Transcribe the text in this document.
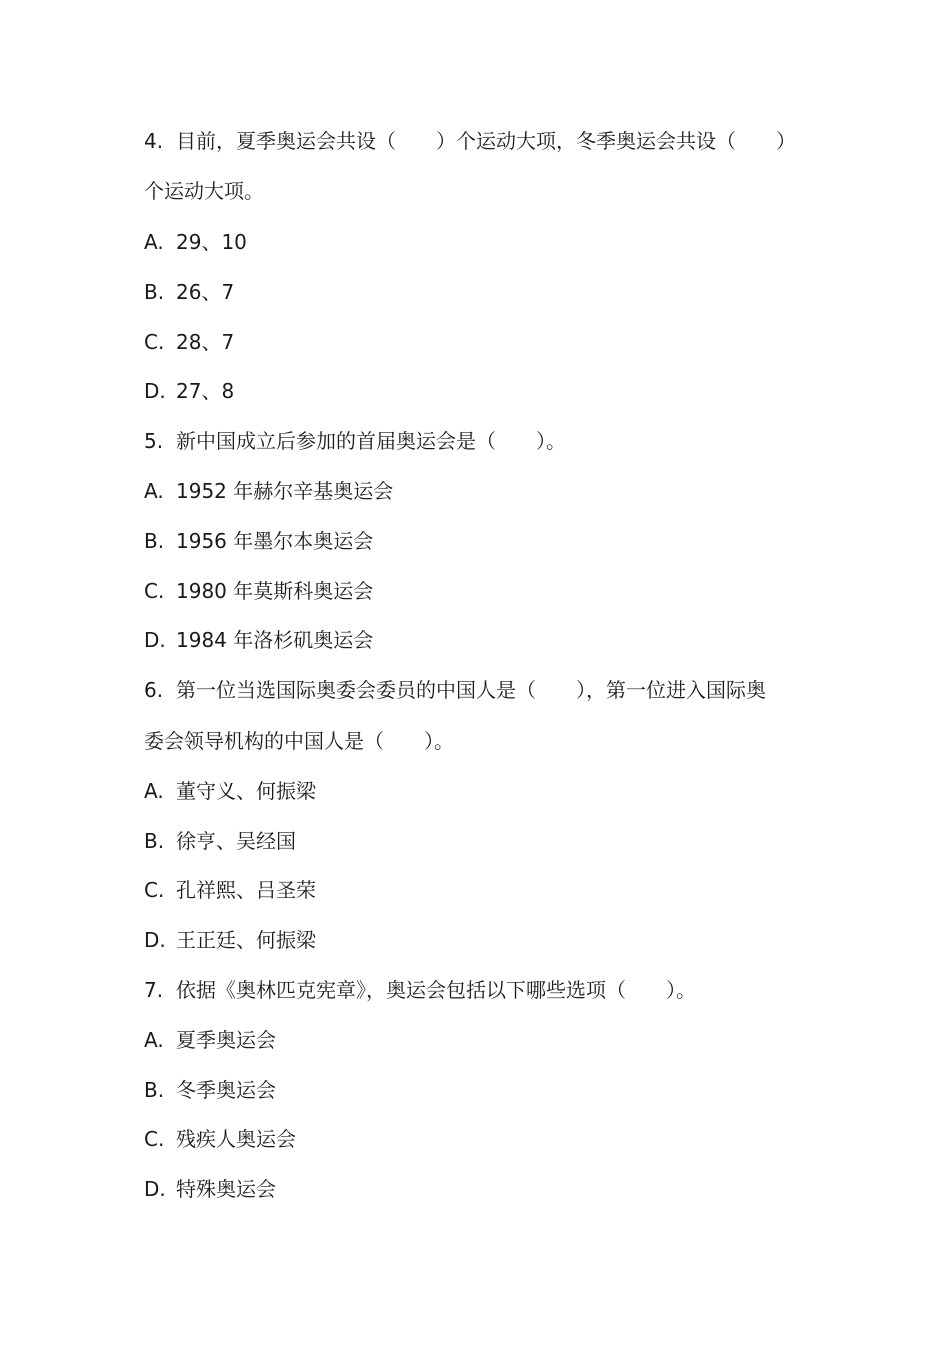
4. 目前，夏季奥运会共设（　　）个运动大项，冬季奥运会共设（　　）
个运动大项。
A. 29、10
B. 26、7
C. 28、7
D. 27、8
5. 新中国成立后参加的首届奥运会是（　　）。
A. 1952 年赫尔辛基奥运会
B. 1956 年墨尔本奥运会
C. 1980 年莫斯科奥运会
D. 1984 年洛杉矶奥运会
6. 第一位当选国际奥委会委员的中国人是（　　），第一位进入国际奥
委会领导机构的中国人是（　　）。
A. 董守义、何振梁
B. 徐亨、吴经国
C. 孔祥熙、吕圣荣
D. 王正廷、何振梁
7. 依据《奥林匹克宪章》，奥运会包括以下哪些选项（　　）。
A. 夏季奥运会
B. 冬季奥运会
C. 残疾人奥运会
D. 特殊奥运会
